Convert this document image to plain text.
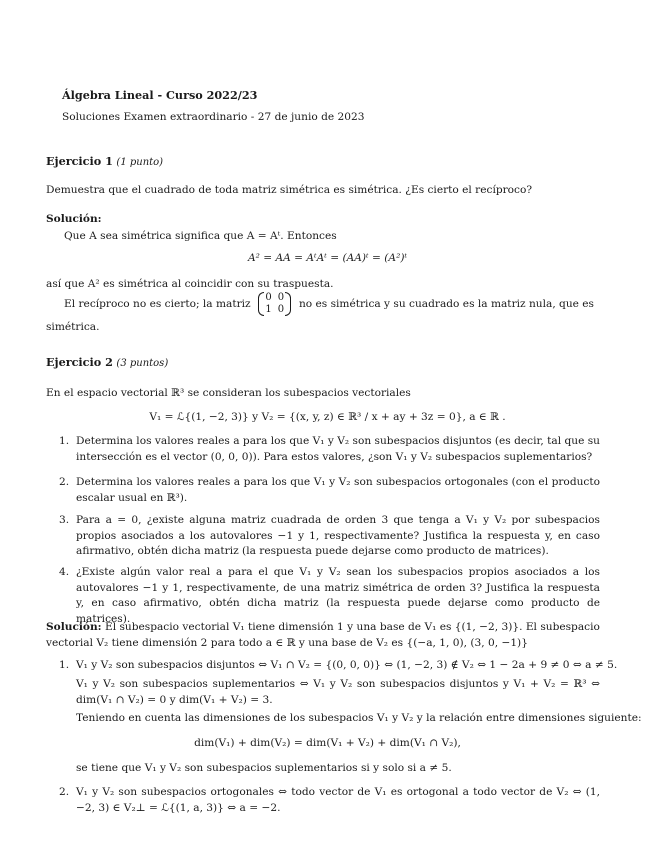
Álgebra Lineal - Curso 2022/23
Soluciones Examen extraordinario - 27 de junio de 2023
Ejercicio 1 (1 punto)
Demuestra que el cuadrado de toda matriz simétrica es simétrica. ¿Es cierto el recíproco?
Solución:
Que A sea simétrica significa que A = Aᵗ. Entonces
A² = AA = AᵗAᵗ = (AA)ᵗ = (A²)ᵗ
así que A² es simétrica al coincidir con su traspuesta.
El recíproco no es cierto; la matriz
0	0
1	0 no es simétrica y su cuadrado es la matriz nula, que es
simétrica.
Ejercicio 2 (3 puntos)
En el espacio vectorial ℝ³ se consideran los subespacios vectoriales
V₁ = ℒ{(1, −2, 3)} y V₂ = {(x, y, z) ∈ ℝ³ / x + ay + 3z = 0}, a ∈ ℝ .
1. Determina los valores reales a para los que V₁ y V₂ son subespacios disjuntos (es decir, tal que su intersección es el vector (0, 0, 0)). Para estos valores, ¿son V₁ y V₂ subespacios suplementarios?
2. Determina los valores reales a para los que V₁ y V₂ son subespacios ortogonales (con el producto escalar usual en ℝ³).
3. Para a = 0, ¿existe alguna matriz cuadrada de orden 3 que tenga a V₁ y V₂ por subespacios propios asociados a los autovalores −1 y 1, respectivamente? Justifica la respuesta y, en caso afirmativo, obtén dicha matriz (la respuesta puede dejarse como producto de matrices).
4. ¿Existe algún valor real a para el que V₁ y V₂ sean los subespacios propios asociados a los autovalores −1 y 1, respectivamente, de una matriz simétrica de orden 3? Justifica la respuesta y, en caso afirmativo, obtén dicha matriz (la respuesta puede dejarse como producto de matrices).
Solución: El subespacio vectorial V₁ tiene dimensión 1 y una base de V₁ es {(1, −2, 3)}. El subespacio
vectorial V₂ tiene dimensión 2 para todo a ∈ ℝ y una base de V₂ es {(−a, 1, 0), (3, 0, −1)}
1. V₁ y V₂ son subespacios disjuntos ⇔ V₁ ∩ V₂ = {(0, 0, 0)} ⇔ (1, −2, 3) ∉ V₂ ⇔ 1 − 2a + 9 ≠ 0 ⇔ a ≠ 5.
V₁ y V₂ son subespacios suplementarios ⇔ V₁ y V₂ son subespacios disjuntos y V₁ + V₂ = ℝ³ ⇔ dim(V₁ ∩ V₂) = 0 y dim(V₁ + V₂) = 3.
Teniendo en cuenta las dimensiones de los subespacios V₁ y V₂ y la relación entre dimensiones siguiente:
dim(V₁) + dim(V₂) = dim(V₁ + V₂) + dim(V₁ ∩ V₂),
se tiene que V₁ y V₂ son subespacios suplementarios si y solo si a ≠ 5.
2. V₁ y V₂ son subespacios ortogonales ⇔ todo vector de V₁ es ortogonal a todo vector de V₂ ⇔ (1, −2, 3) ∈ V₂⊥ = ℒ{(1, a, 3)} ⇔ a = −2.
